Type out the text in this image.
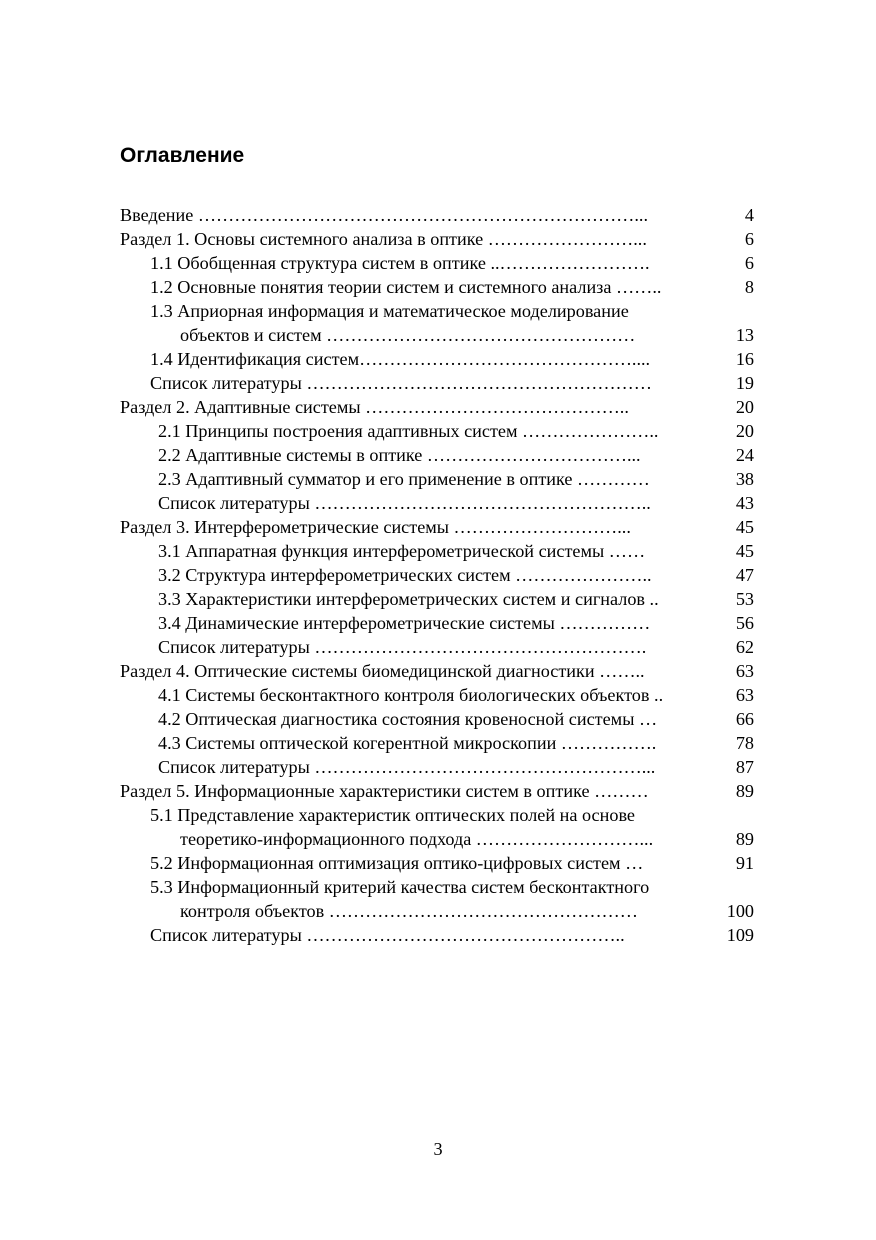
Оглавление
Введение ………………………………………………………………...	4
Раздел 1. Основы системного анализа в оптике ……………………...	6
1.1 Обобщенная структура систем в оптике ..…………………….	6
1.2 Основные понятия теории систем и системного анализа ……..	8
1.3 Априорная информация и математическое моделирование
объектов и систем ……………………………………………	13
1.4 Идентификация систем………………………………………....	16
Список литературы …………………………………………………	19
Раздел 2. Адаптивные системы ……………………………………..	20
2.1 Принципы построения адаптивных систем …………………..	20
2.2 Адаптивные системы в оптике ……………………………...	24
2.3 Адаптивный сумматор и его применение в оптике …………	38
Список литературы ………………………………………………..	43
Раздел 3. Интерферометрические системы ………………………...	45
3.1 Аппаратная функция интерферометрической системы ……	45
3.2 Структура интерферометрических систем …………………..	47
3.3 Характеристики интерферометрических систем и сигналов ..	53
3.4 Динамические интерферометрические системы ……………	56
Список литературы ……………………………………………….	62
Раздел 4. Оптические системы биомедицинской диагностики ……..	63
4.1 Системы бесконтактного контроля биологических объектов ..	63
4.2 Оптическая диагностика состояния кровеносной системы …	66
4.3 Системы оптической когерентной микроскопии …………….	78
Список литературы ………………………………………………...	87
Раздел 5. Информационные характеристики систем в оптике ………	89
5.1 Представление характеристик оптических полей на основе
теоретико-информационного подхода ………………………...	89
5.2 Информационная оптимизация оптико-цифровых систем …	91
5.3 Информационный критерий качества систем бесконтактного
контроля объектов ……………………………………………	100
Список литературы ……………………………………………..	109
3
